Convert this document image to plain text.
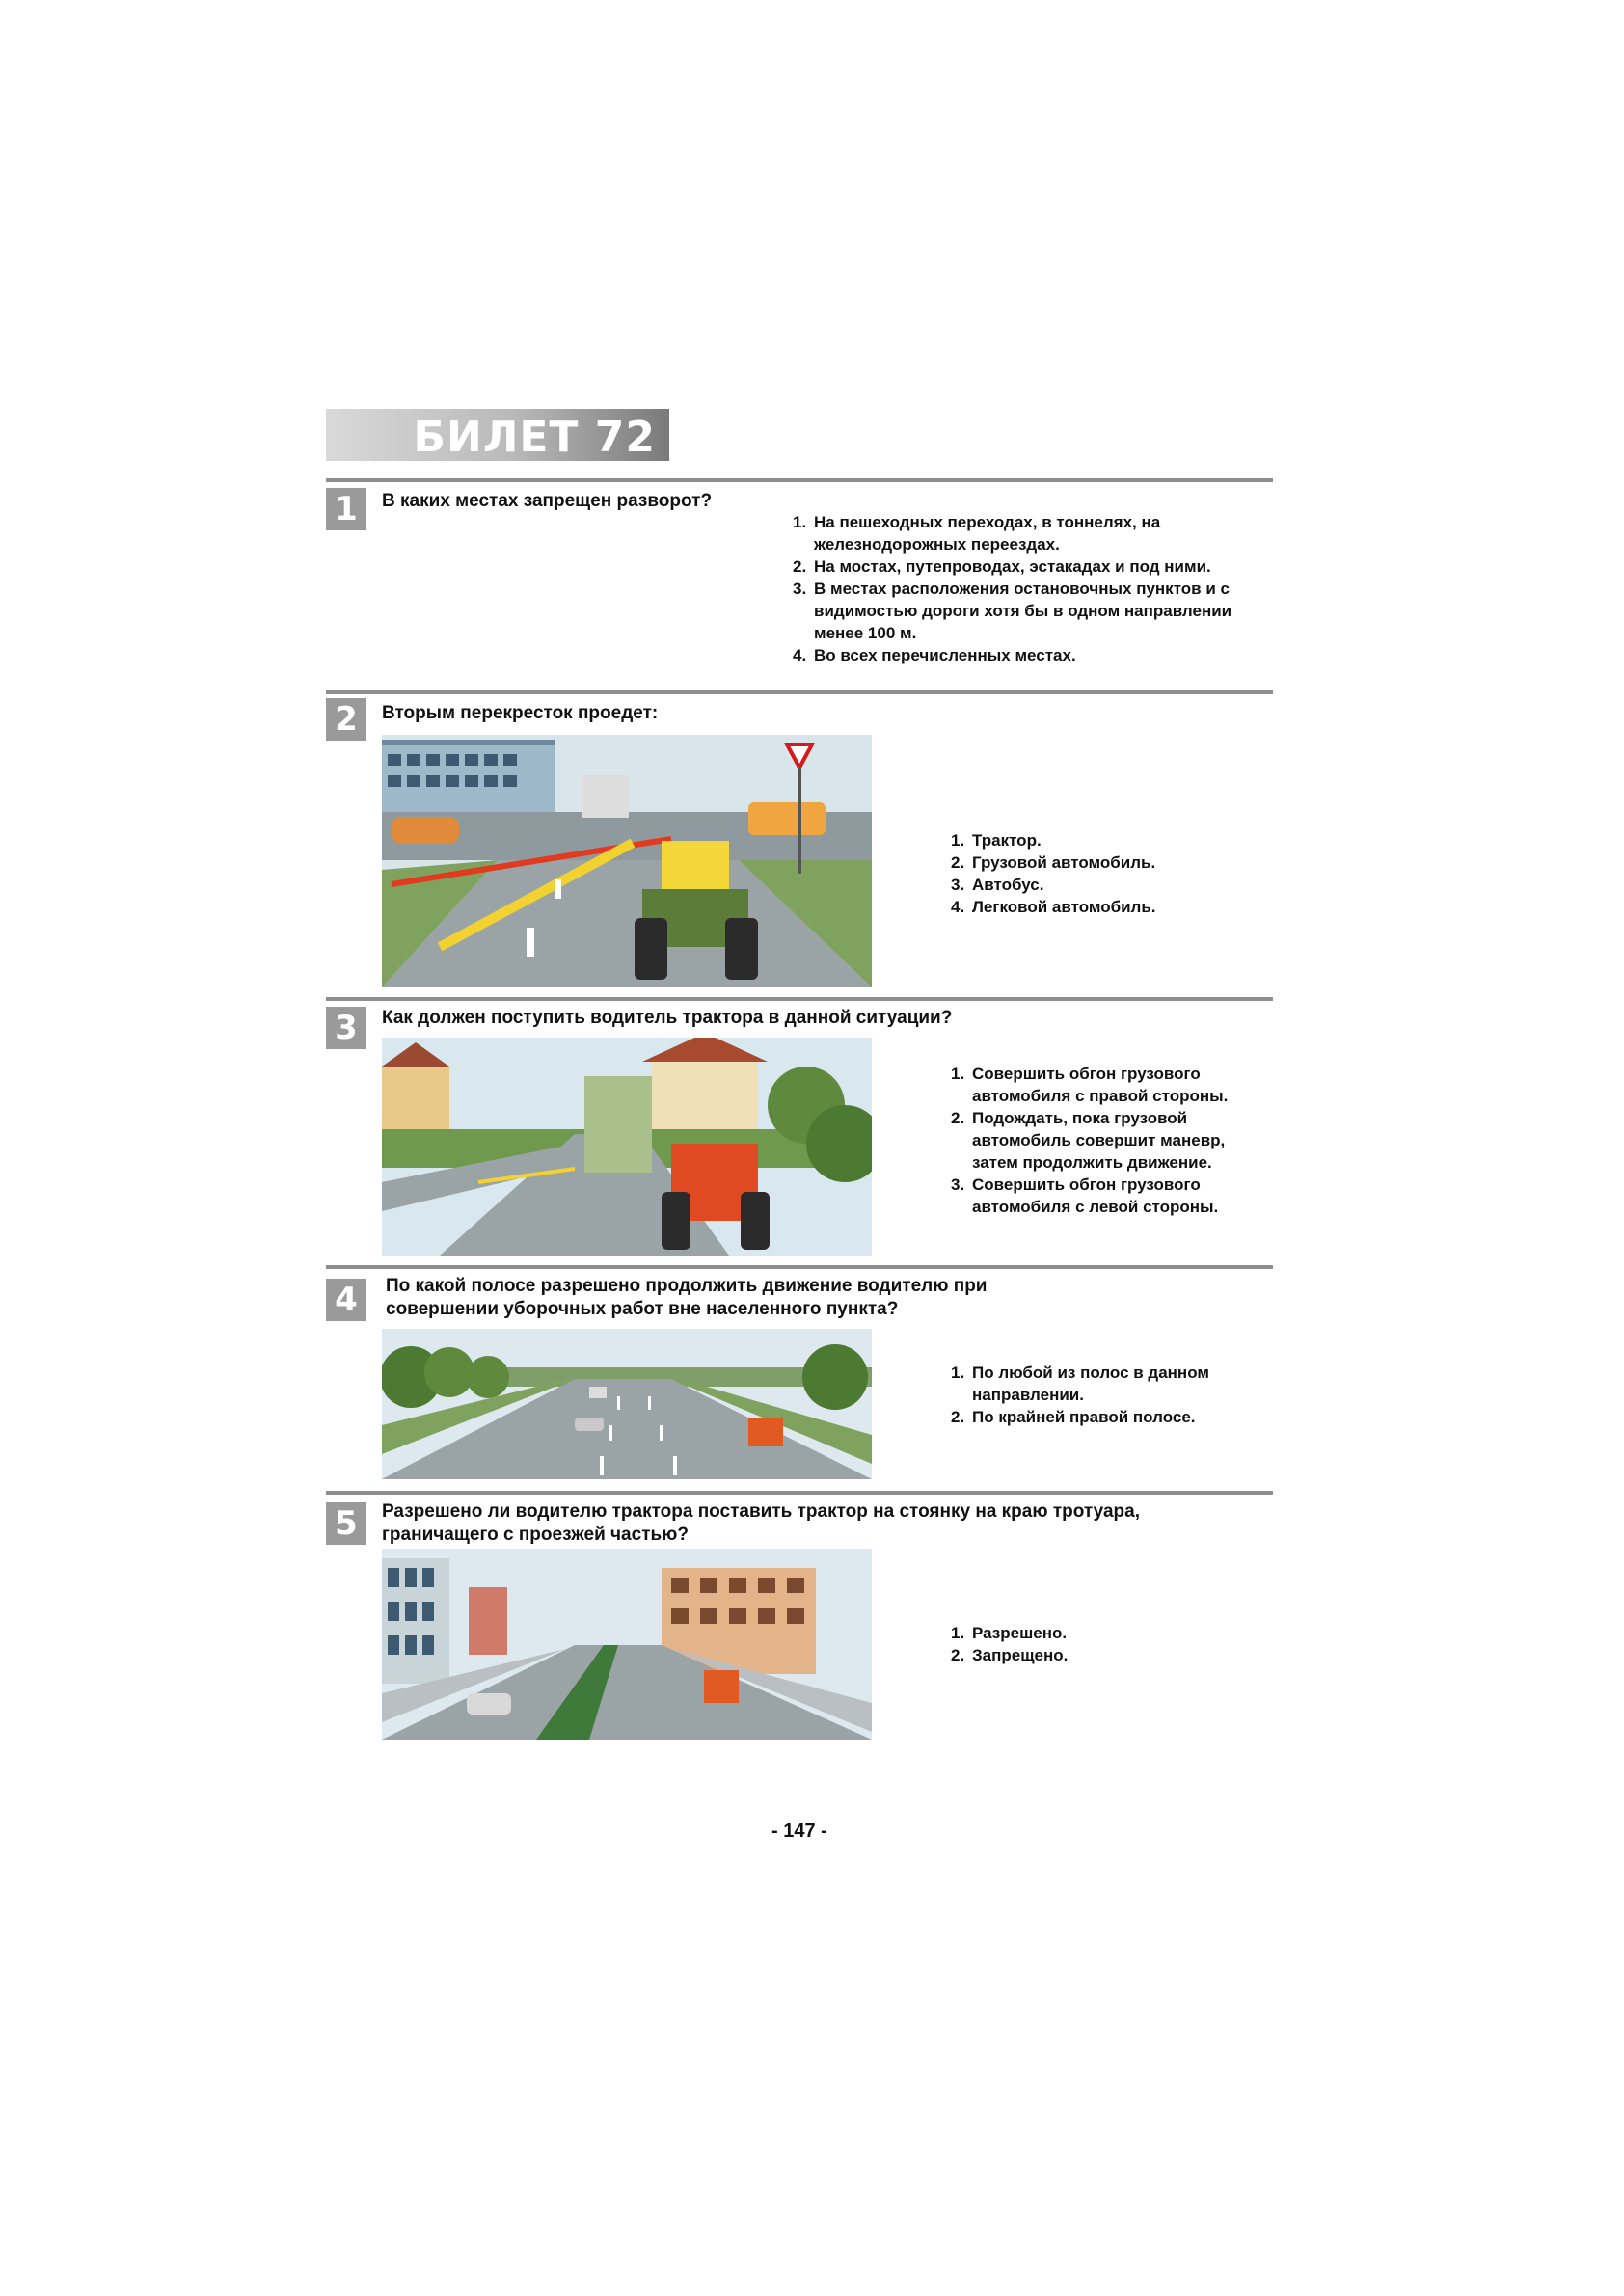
БИЛЕТ 72
1	В каких местах запрещен разворот?
1. На пешеходных переходах, в тоннелях, на железнодорожных переездах.
2. На мостах, путепроводах, эстакадах и под ними.
3. В местах расположения остановочных пунктов и с видимостью дороги хотя бы в одном направлении менее 100 м.
4. Во всех перечисленных местах.
2	Вторым перекресток проедет:
1. Трактор.
2. Грузовой автомобиль.
3. Автобус.
4. Легковой автомобиль.
3	Как должен поступить водитель трактора в данной ситуации?
1. Совершить обгон грузового автомобиля с правой стороны.
2. Подождать, пока грузовой автомобиль совершит маневр, затем продолжить движение.
3. Совершить обгон грузового автомобиля с левой стороны.
4	По какой полосе разрешено продолжить движение водителю при совершении уборочных работ вне населенного пункта?
1. По любой из полос в данном направлении.
2. По крайней правой полосе.
5	Разрешено ли водителю трактора поставить трактор на стоянку на краю тротуара, граничащего с проезжей частью?
1. Разрешено.
2. Запрещено.
- 147 -
